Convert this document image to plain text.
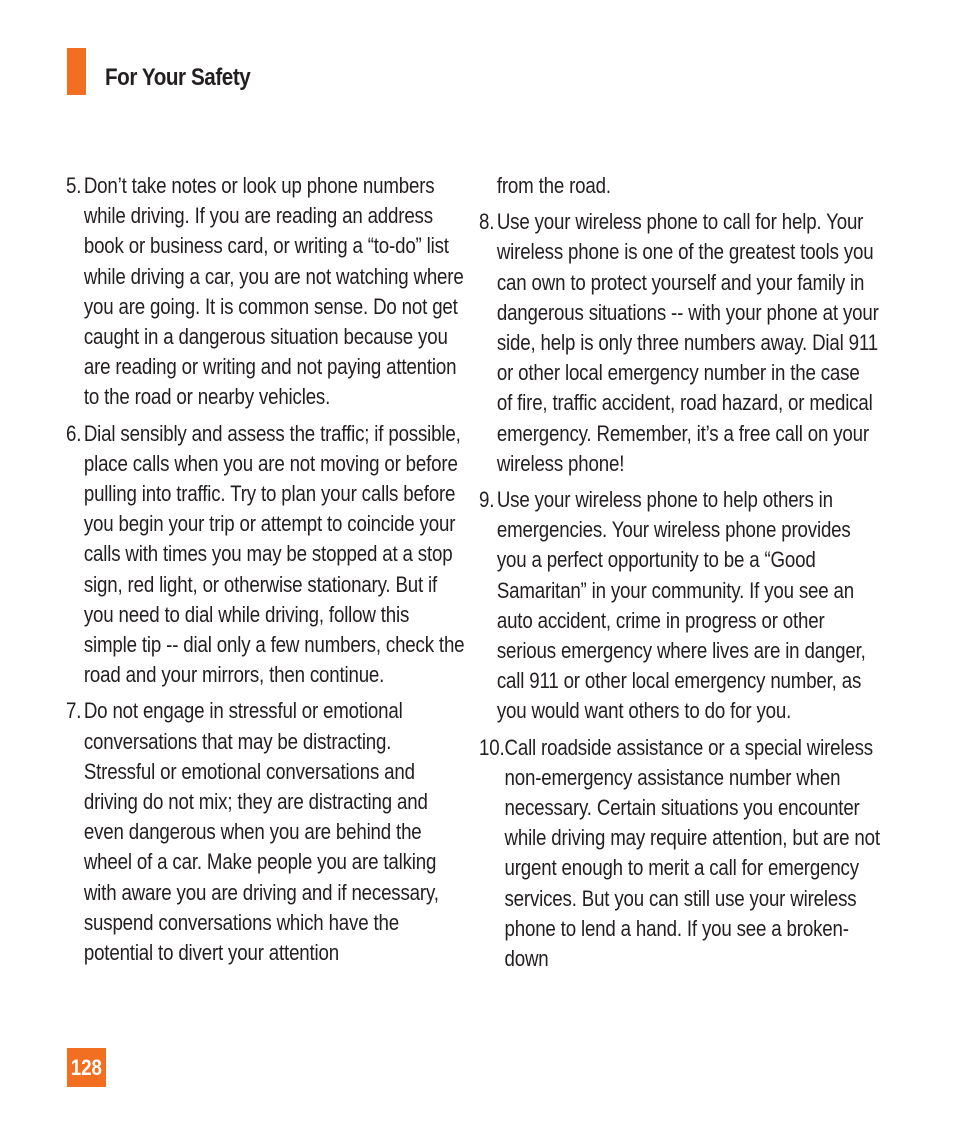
For Your Safety
5. Don’t take notes or look up phone numbers while driving. If you are reading an address book or business card, or writing a “to-do” list while driving a car, you are not watching where you are going. It is common sense. Do not get caught in a dangerous situation because you are reading or writing and not paying attention to the road or nearby vehicles.
6. Dial sensibly and assess the traffic; if possible, place calls when you are not moving or before pulling into traffic. Try to plan your calls before you begin your trip or attempt to coincide your calls with times you may be stopped at a stop sign, red light, or otherwise stationary. But if you need to dial while driving, follow this simple tip -- dial only a few numbers, check the road and your mirrors, then continue.
7. Do not engage in stressful or emotional conversations that may be distracting. Stressful or emotional conversations and driving do not mix; they are distracting and even dangerous when you are behind the wheel of a car. Make people you are talking with aware you are driving and if necessary, suspend conversations which have the potential to divert your attention
from the road.
8. Use your wireless phone to call for help. Your wireless phone is one of the greatest tools you can own to protect yourself and your family in dangerous situations -- with your phone at your side, help is only three numbers away. Dial 911 or other local emergency number in the case of fire, traffic accident, road hazard, or medical emergency. Remember, it’s a free call on your wireless phone!
9. Use your wireless phone to help others in emergencies. Your wireless phone provides you a perfect opportunity to be a “Good Samaritan” in your community. If you see an auto accident, crime in progress or other serious emergency where lives are in danger, call 911 or other local emergency number, as you would want others to do for you.
10. Call roadside assistance or a special wireless non-emergency assistance number when necessary. Certain situations you encounter while driving may require attention, but are not urgent enough to merit a call for emergency services. But you can still use your wireless phone to lend a hand. If you see a broken-down
128
